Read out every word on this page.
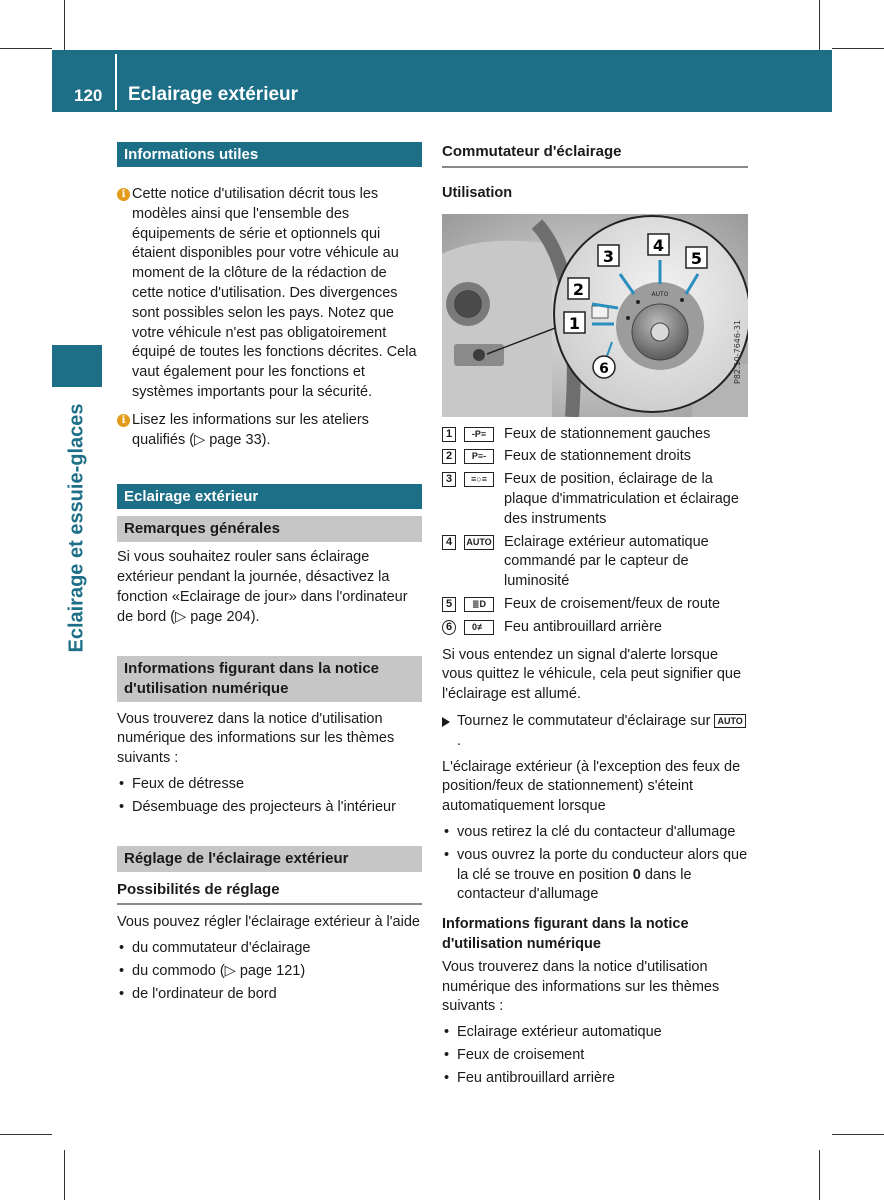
120 Eclairage extérieur
Eclairage et essuie-glaces
Informations utiles
i Cette notice d'utilisation décrit tous les modèles ainsi que l'ensemble des équipements de série et optionnels qui étaient disponibles pour votre véhicule au moment de la clôture de la rédaction de cette notice d'utilisation. Des divergences sont possibles selon les pays. Notez que votre véhicule n'est pas obligatoirement équipé de toutes les fonctions décrites. Cela vaut également pour les fonctions et systèmes importants pour la sécurité.

i Lisez les informations sur les ateliers qualifiés (▷ page 33).

Eclairage extérieur
Remarques générales

Si vous souhaitez rouler sans éclairage extérieur pendant la journée, désactivez la fonction «Eclairage de jour» dans l'ordinateur de bord (▷ page 204).

Informations figurant dans la notice d'utilisation numérique

Vous trouverez dans la notice d'utilisation numérique des informations sur les thèmes suivants :

• Feux de détresse
• Désembuage des projecteurs à l'intérieur
Réglage de l'éclairage extérieur
Possibilités de réglage

Vous pouvez régler l'éclairage extérieur à l'aide

• du commutateur d'éclairage
• du commodo (▷ page 121)
• de l'ordinateur de bord
Commutateur d'éclairage
Utilisation
AUTO
3
4
5
2
1
6	P82.10-7646-31
1	-P≡	Feux de stationnement gauches
2	P≡-	Feux de stationnement droits
3	≡○≡	Feux de position, éclairage de la plaque d'immatriculation et éclairage des instruments
4	AUTO Eclairage extérieur automatique commandé par le capteur de luminosité
5	≣D	Feux de croisement/feux de route
6	0≢	Feu antibrouillard arrière

Si vous entendez un signal d'alerte lorsque vous quittez le véhicule, cela peut signifier que l'éclairage est allumé.

Tournez le commutateur d'éclairage sur AUTO.

L'éclairage extérieur (à l'exception des feux de position/feux de stationnement) s'éteint automatiquement lorsque

• vous retirez la clé du contacteur d'allumage
• vous ouvrez la porte du conducteur alors que la clé se trouve en position 0 dans le contacteur d'allumage
Informations figurant dans la notice d'utilisation numérique

Vous trouverez dans la notice d'utilisation numérique des informations sur les thèmes suivants :

• Eclairage extérieur automatique
• Feux de croisement
• Feu antibrouillard arrière
